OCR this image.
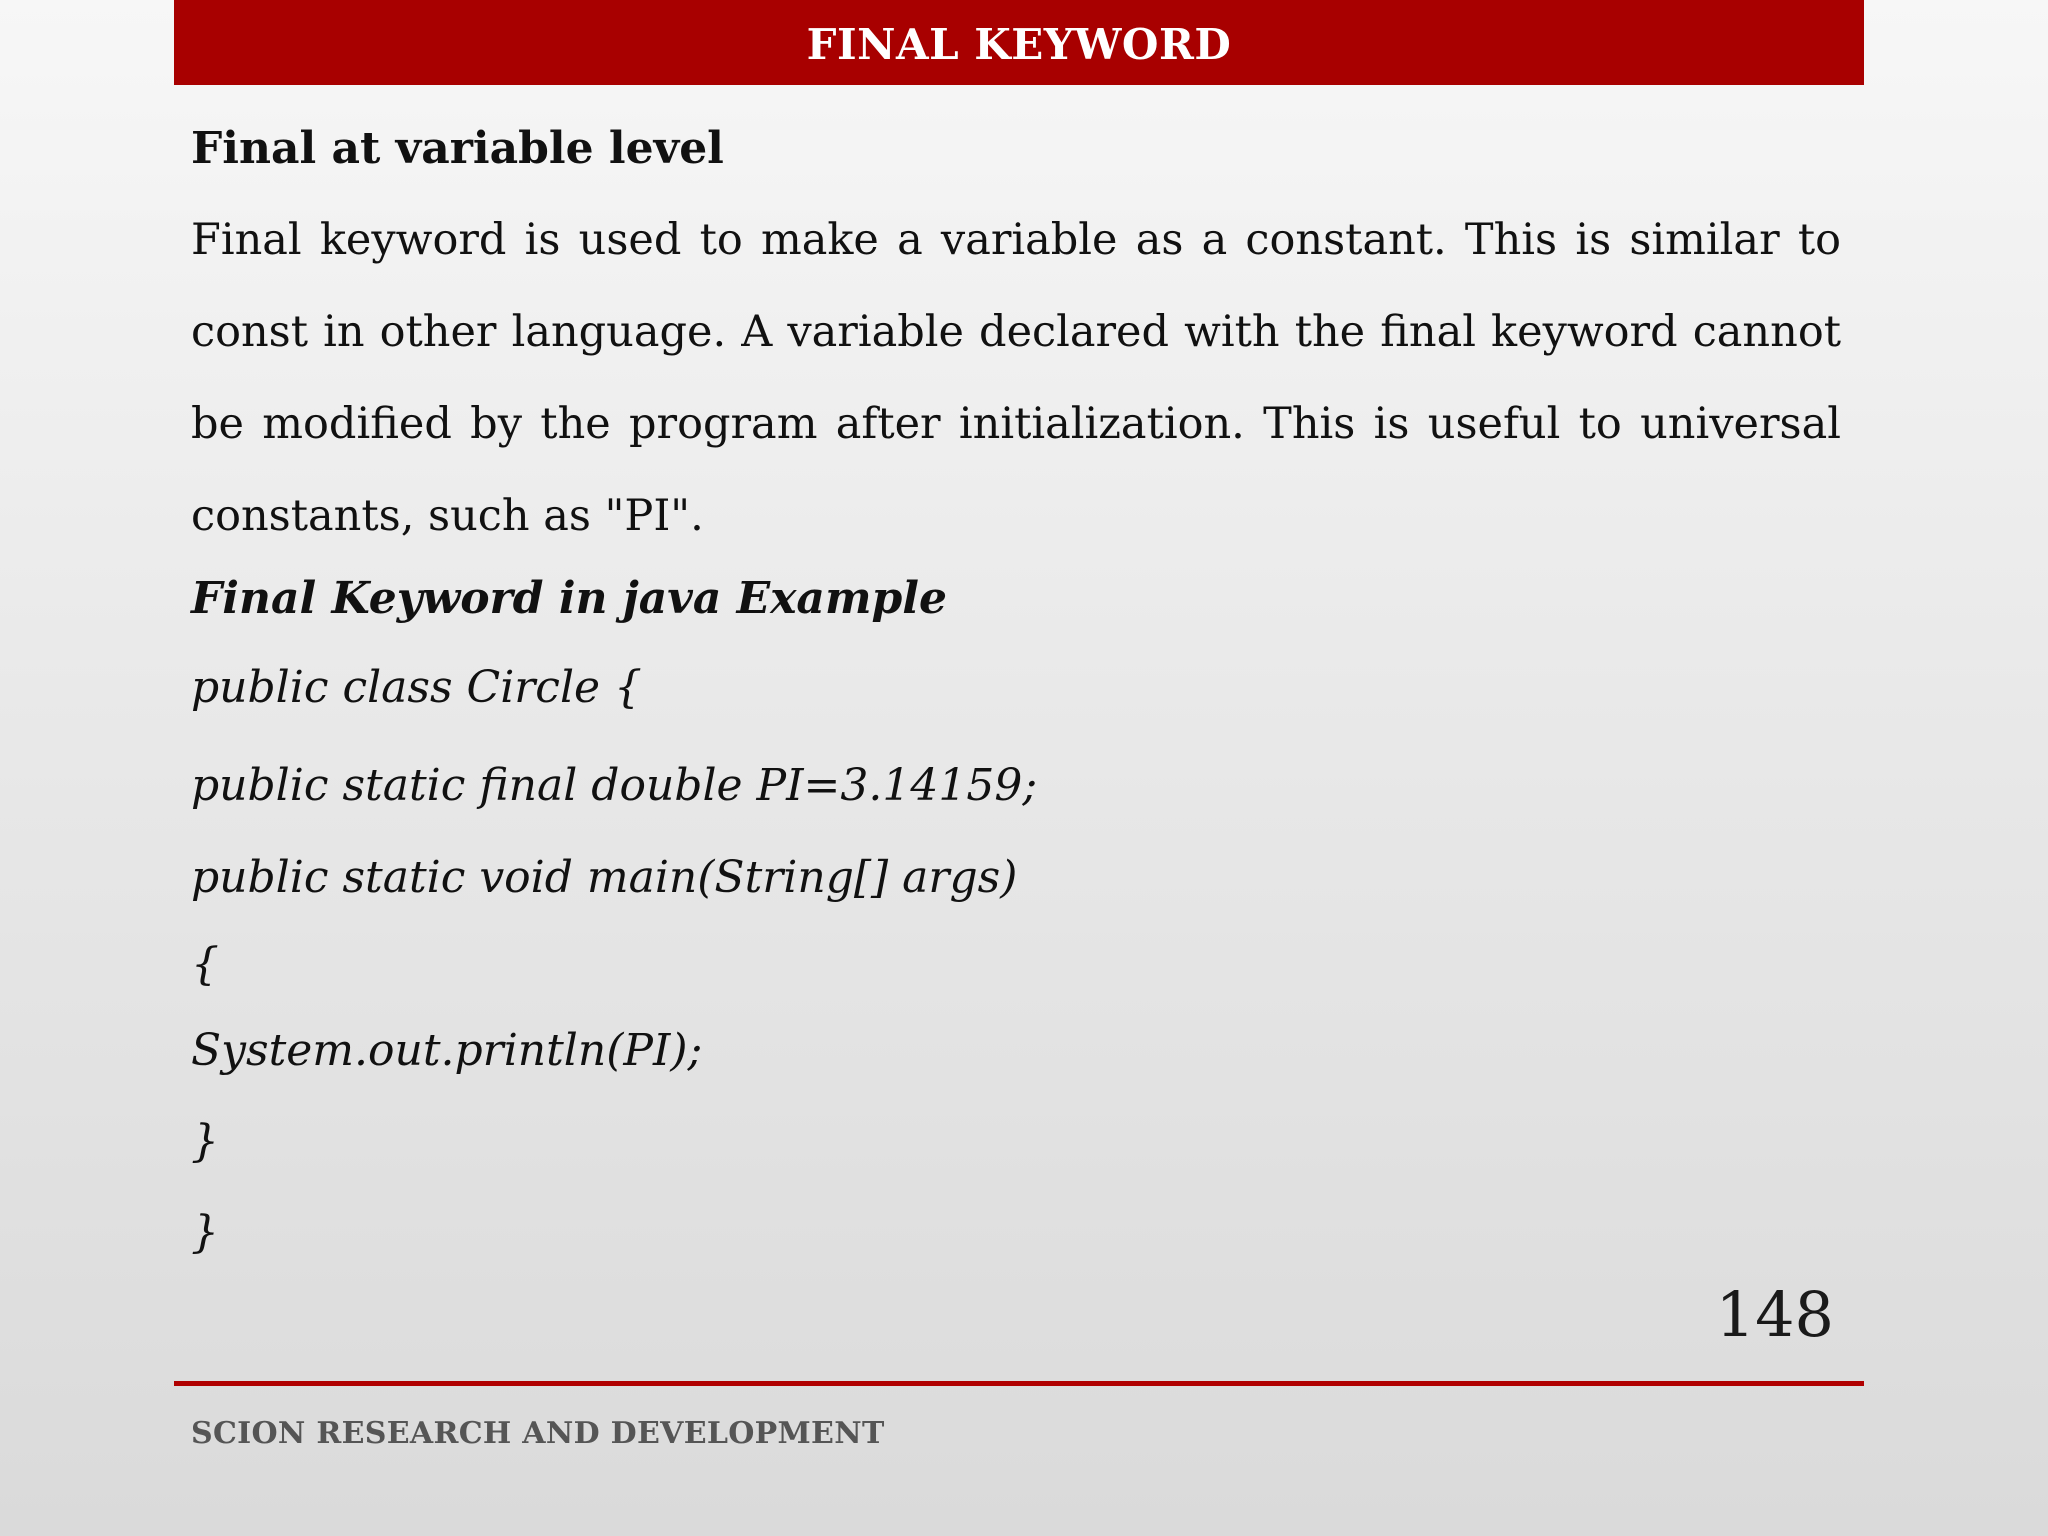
FINAL KEYWORD
Final at variable level

Final keyword is used to make a variable as a constant. This is similar to const in other language. A variable declared with the final keyword cannot be modified by the program after initialization. This is useful to universal constants, such as "PI".

Final Keyword in java Example
public class Circle {
public static final double PI=3.14159;
public static void main(String[] args)
{
System.out.println(PI);
}
}
148
SCION RESEARCH AND DEVELOPMENT
